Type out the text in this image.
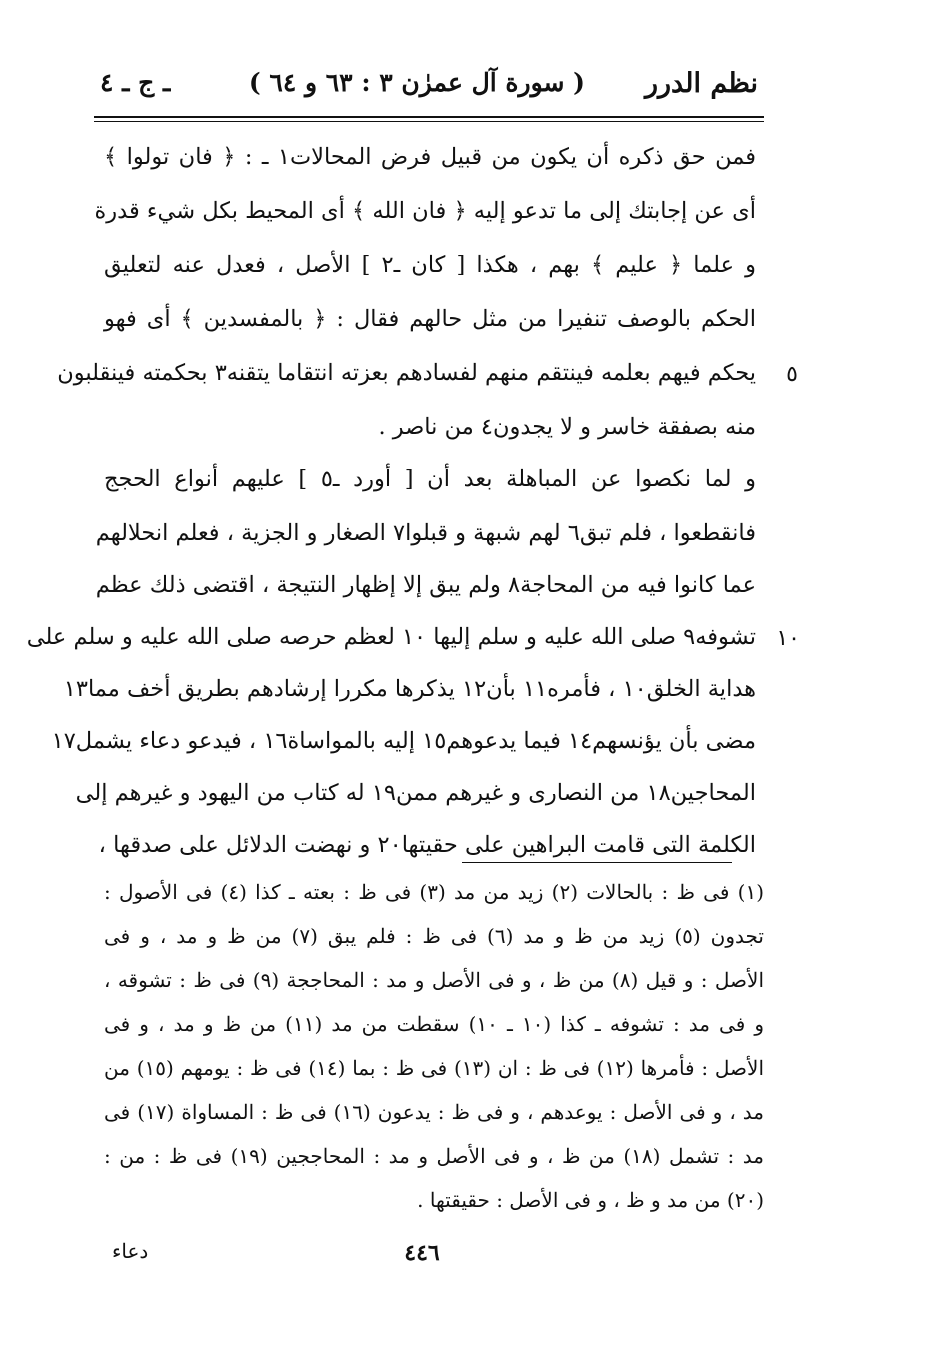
نظم الدرر
( سورة آل عمرٰن ٣ : ٦٣ و ٦٤ )
ـ ج ـ ٤
فمن حق ذكره أن يكون من قبيل فرض المحالات١ ـ : ﴿ فان تولوا ﴾
أى عن إجابتك إلى ما تدعو إليه ﴿ فان الله ﴾ أى المحيط بكل شيء قدرة
و علما ﴿ عليم ﴾ بهم ، هكذا [ كان ـ٢ ] الأصل ، فعدل عنه لتعليق
الحكم بالوصف تنفيرا من مثل حالهم فقال : ﴿ بالمفسدين ﴾ أى فهو
يحكم فيهم بعلمه فينتقم منهم لفسادهم بعزته انتقاما يتقنه٣ بحكمته فينقلبون	٥
منه بصفقة خاسر و لا يجدون٤ من ناصر .
و لما نكصوا عن المباهلة بعد أن [ أورد ـ٥ ] عليهم أنواع الحجج
فانقطعوا ، فلم تبق٦ لهم شبهة و قبلوا٧ الصغار و الجزية ، فعلم انحلالهم
عما كانوا فيه من المحاجة٨ ولم يبق إلا إظهار النتيجة ، اقتضى ذلك عظم
تشوفه٩ صلى الله عليه و سلم إليها ١٠ لعظم حرصه صلى الله عليه و سلم على ١٠
هداية الخلق١٠ ، فأمره١١ بأن١٢ يذكرها مكررا إرشادهم بطريق أخف مما١٣
مضى بأن يؤنسهم١٤ فيما يدعوهم١٥ إليه بالمواساة١٦ ، فيدعو دعاء يشمل١٧
المحاجين١٨ من النصارى و غيرهم ممن١٩ له كتاب من اليهود و غيرهم إلى
الكلمة التى قامت البراهين على حقيتها٢٠ و نهضت الدلائل على صدقها ،
(١) فى ظ : بالحالات (٢) زيد من مد (٣) فى ظ : بعته ـ كذا (٤) فى الأصول :
تجدون (٥) زيد من ظ و مد (٦) فى ظ : فلم يبق (٧) من ظ و مد ، و فى
الأصل : و قيل (٨) من ظ ، و فى الأصل و مد : المحاججة (٩) فى ظ : تشوقه ،
و فى مد : تشوفه ـ كذا (١٠ ـ ١٠) سقطت من مد (١١) من ظ و مد ، و فى
الأصل : فأمرها (١٢) فى ظ : ان (١٣) فى ظ : بما (١٤) فى ظ : يومهم (١٥) من
مد ، و فى الأصل : يوعدهم ، و فى ظ : يدعون (١٦) فى ظ : المساواة (١٧) فى
مد : تشمل (١٨) من ظ ، و فى الأصل و مد : المحاججين (١٩) فى ظ : من :
(٢٠) من مد و ظ ، و فى الأصل : حقيقتها .
دعاء	٤٤٦
